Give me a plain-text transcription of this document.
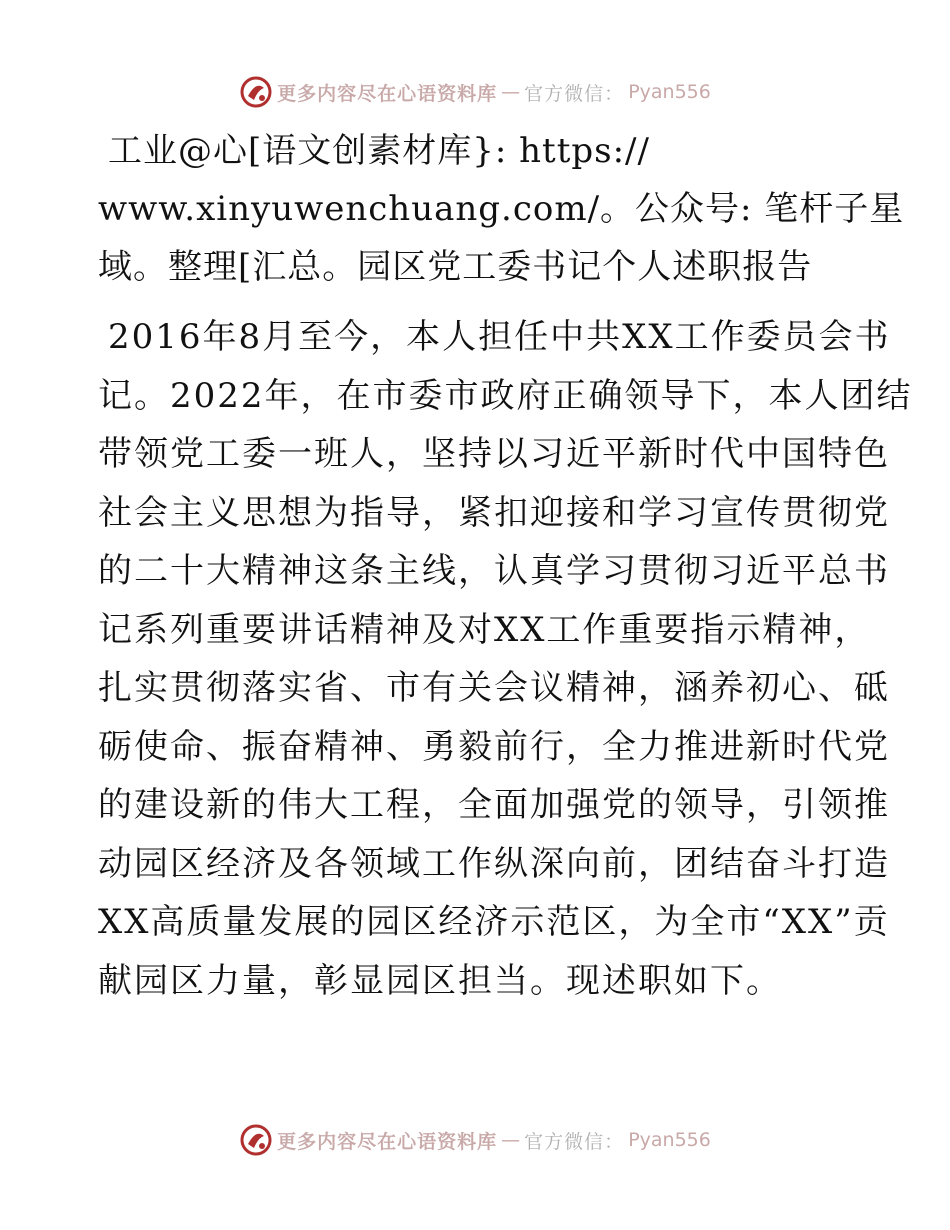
更多内容尽在心语资料库 — 官方微信： Pyan556
工业@心[语文创素材库}: https://
www.xinyuwenchuang.com/。公众号: 笔杆子星
域。整理[汇总。园区党工委书记个人述职报告
2016年8月至今，本人担任中共XX工作委员会书
记。2022年，在市委市政府正确领导下，本人团结
带领党工委一班人，坚持以习近平新时代中国特色
社会主义思想为指导，紧扣迎接和学习宣传贯彻党
的二十大精神这条主线，认真学习贯彻习近平总书
记系列重要讲话精神及对XX工作重要指示精神，
扎实贯彻落实省、市有关会议精神，涵养初心、砥
砺使命、振奋精神、勇毅前行，全力推进新时代党
的建设新的伟大工程，全面加强党的领导，引领推
动园区经济及各领域工作纵深向前，团结奋斗打造
XX高质量发展的园区经济示范区，为全市“XX”贡
献园区力量，彰显园区担当。现述职如下。
更多内容尽在心语资料库 — 官方微信： Pyan556
